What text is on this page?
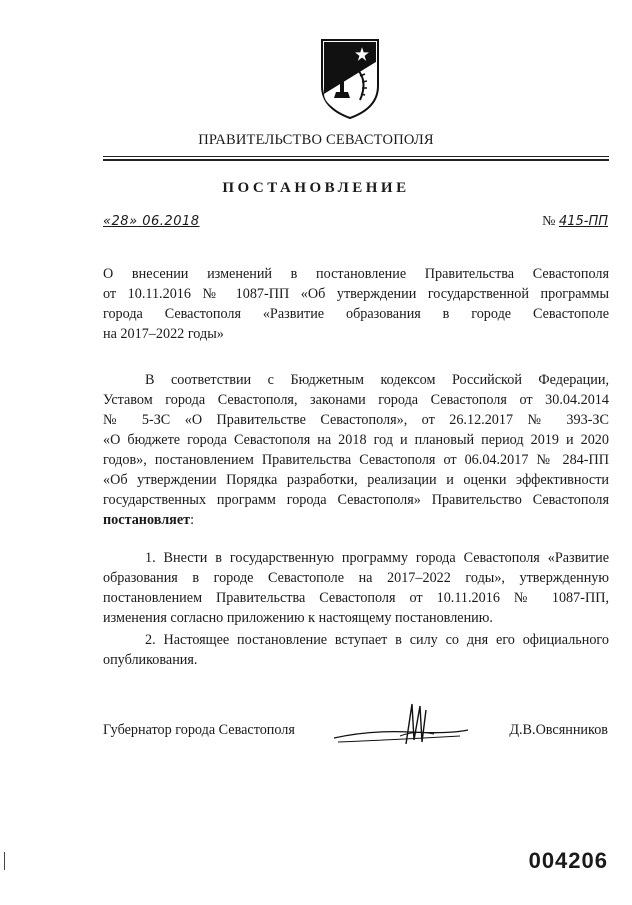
ПРАВИТЕЛЬСТВО СЕВАСТОПОЛЯ
ПОСТАНОВЛЕНИЕ
«28» 06.2018	№ 415-ПП
О внесении изменений в постановление Правительства Севастополя
от 10.11.2016 № 1087-ПП «Об утверждении государственной программы
города Севастополя «Развитие образования в городе Севастополе
на 2017–2022 годы»
В соответствии с Бюджетным кодексом Российской Федерации,
Уставом города Севастополя, законами города Севастополя от 30.04.2014
№ 5-ЗС «О Правительстве Севастополя», от 26.12.2017 № 393-ЗС
«О бюджете города Севастополя на 2018 год и плановый период 2019 и 2020
годов», постановлением Правительства Севастополя от 06.04.2017 № 284-ПП
«Об утверждении Порядка разработки, реализации и оценки эффективности
государственных программ города Севастополя» Правительство Севастополя
постановляет:
1. Внести в государственную программу города Севастополя «Развитие
образования в городе Севастополе на 2017–2022 годы», утвержденную
постановлением Правительства Севастополя от 10.11.2016 № 1087-ПП,
изменения согласно приложению к настоящему постановлению.
2. Настоящее постановление вступает в силу со дня его официального
опубликования.
Губернатор города Севастополя	Д.В.Овсянников
004206
